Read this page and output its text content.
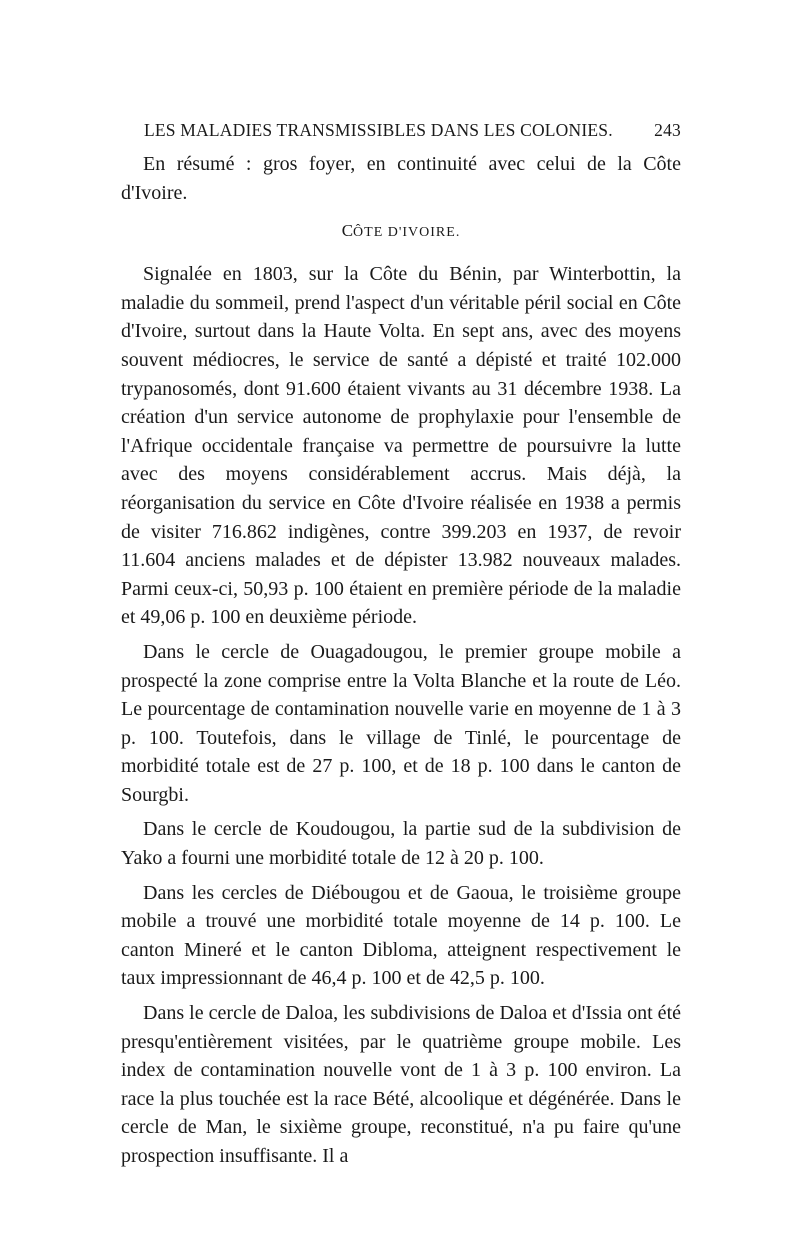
LES MALADIES TRANSMISSIBLES DANS LES COLONIES. 243

En résumé : gros foyer, en continuité avec celui de la Côte d'Ivoire.

CÔTE D'IVOIRE.

Signalée en 1803, sur la Côte du Bénin, par Winterbottin, la maladie du sommeil, prend l'aspect d'un véritable péril social en Côte d'Ivoire, surtout dans la Haute Volta. En sept ans, avec des moyens souvent médiocres, le service de santé a dépisté et traité 102.000 trypanosomés, dont 91.600 étaient vivants au 31 décembre 1938. La création d'un service autonome de prophylaxie pour l'ensemble de l'Afrique occidentale française va permettre de poursuivre la lutte avec des moyens considérablement accrus. Mais déjà, la réorganisation du service en Côte d'Ivoire réalisée en 1938 a permis de visiter 716.862 indigènes, contre 399.203 en 1937, de revoir 11.604 anciens malades et de dépister 13.982 nouveaux malades. Parmi ceux-ci, 50,93 p. 100 étaient en première période de la maladie et 49,06 p. 100 en deuxième période.

Dans le cercle de Ouagadougou, le premier groupe mobile a prospecté la zone comprise entre la Volta Blanche et la route de Léo. Le pourcentage de contamination nouvelle varie en moyenne de 1 à 3 p. 100. Toutefois, dans le village de Tinlé, le pourcentage de morbidité totale est de 27 p. 100, et de 18 p. 100 dans le canton de Sourgbi.

Dans le cercle de Koudougou, la partie sud de la subdivision de Yako a fourni une morbidité totale de 12 à 20 p. 100.

Dans les cercles de Diébougou et de Gaoua, le troisième groupe mobile a trouvé une morbidité totale moyenne de 14 p. 100. Le canton Mineré et le canton Dibloma, atteignent respectivement le taux impressionnant de 46,4 p. 100 et de 42,5 p. 100.

Dans le cercle de Daloa, les subdivisions de Daloa et d'Issia ont été presqu'entièrement visitées, par le quatrième groupe mobile. Les index de contamination nouvelle vont de 1 à 3 p. 100 environ. La race la plus touchée est la race Bété, alcoolique et dégénérée. Dans le cercle de Man, le sixième groupe, reconstitué, n'a pu faire qu'une prospection insuffisante. Il a
